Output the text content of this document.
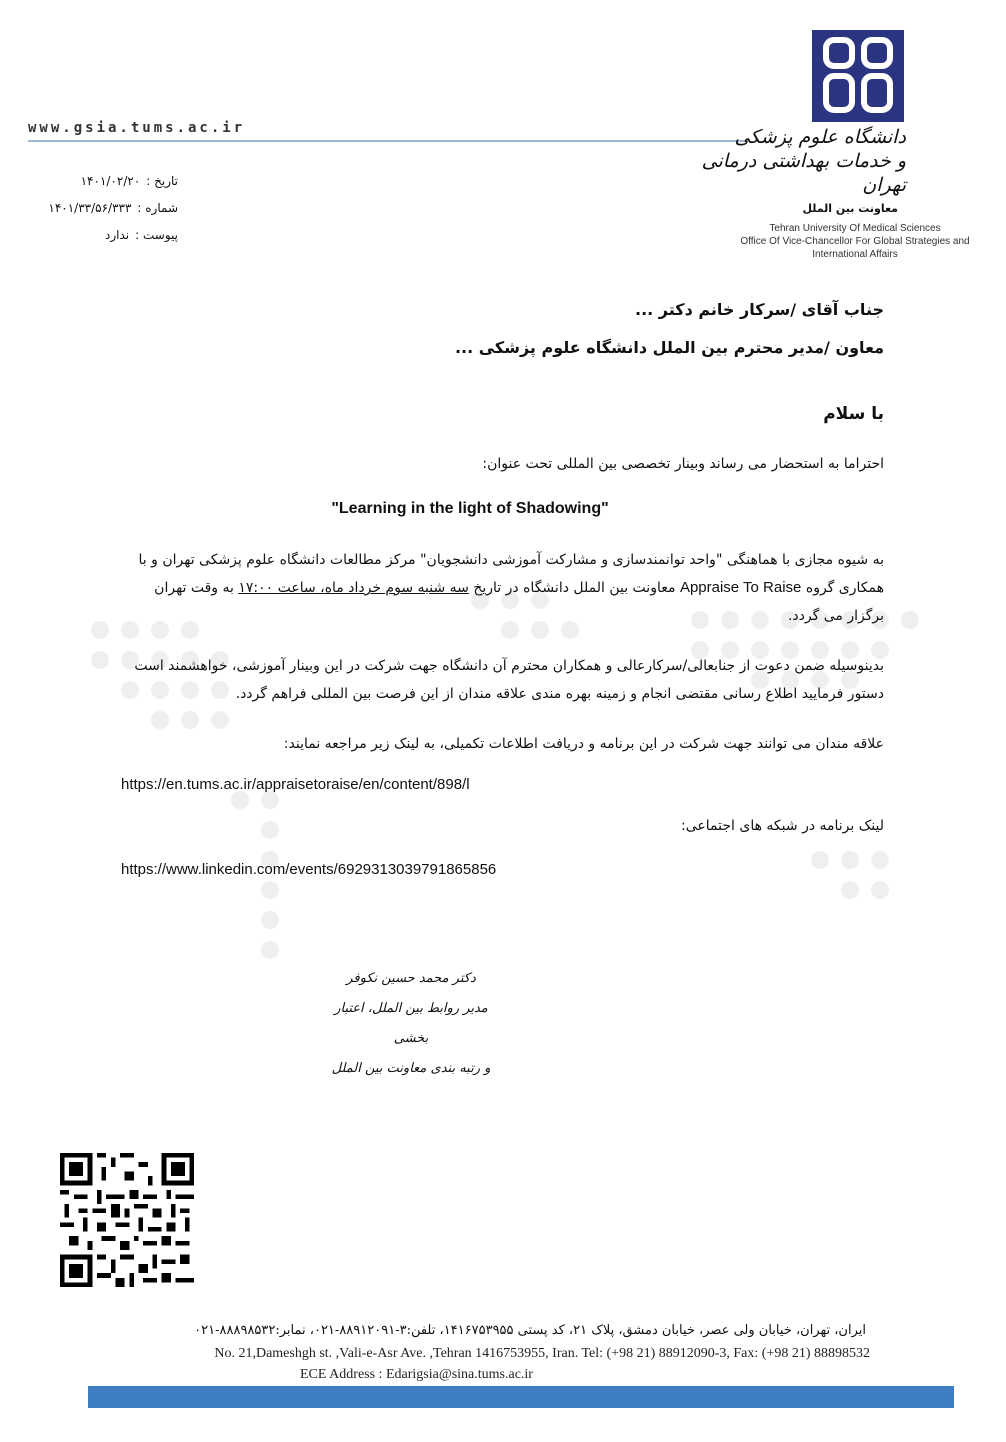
www.gsia.tums.ac.ir	دانشگاه علوم پزشکی
و خدمات بهداشتی درمانی تهران
معاونت بین الملل
Tehran University Of Medical Sciences
Office Of Vice-Chancellor For Global Strategies and International Affairs
تاریخ :
۱۴۰۱/۰۲/۲۰
شماره :
۱۴۰۱/۳۳/۵۶/۳۳۳
پیوست :
ندارد
جناب آقای /سرکار خانم دکتر ...
معاون /مدیر محترم بین الملل دانشگاه علوم پزشکی ...
با سلام
احتراما به استحضار می رساند وبینار تخصصی بین المللی تحت عنوان:
"Learning in the light of Shadowing"
به شیوه مجازی با هماهنگی "واحد توانمندسازی و مشارکت آموزشی دانشجویان" مرکز مطالعات دانشگاه علوم پزشکی تهران و با همکاری گروه Appraise To Raise معاونت بین الملل دانشگاه در تاریخ سه شنبه سوم خرداد ماه، ساعت ۱۷:۰۰ به وقت تهران برگزار می گردد.
بدینوسیله ضمن دعوت از جنابعالی/سرکارعالی و همکاران محترم آن دانشگاه جهت شرکت در این وبینار آموزشی، خواهشمند است دستور فرمایید اطلاع رسانی مقتضی انجام و زمینه بهره مندی علاقه مندان از این فرصت بین المللی فراهم گردد.
علاقه مندان می توانند جهت شرکت در این برنامه و دریافت اطلاعات تکمیلی، به لینک زیر مراجعه نمایند:
https://en.tums.ac.ir/appraisetoraise/en/content/898/l
لینک برنامه در شبکه های اجتماعی:
https://www.linkedin.com/events/6929313039791865856
دکتر محمد حسین نکوفر
مدیر روابط بین الملل، اعتبار بخشی
و رتبه بندی معاونت بین الملل
ایران، تهران، خیابان ولی عصر، خیابان دمشق، پلاک ۲۱، کد پستی ۱۴۱۶۷۵۳۹۵۵، تلفن:۳-۸۸۹۱۲۰۹۱-۰۲۱، نمابر:۸۸۸۹۸۵۳۲-۰۲۱
No. 21,Dameshgh st. ,Vali-e-Asr Ave. ,Tehran 1416753955, Iran. Tel: (+98 21) 88912090-3, Fax: (+98 21) 88898532
ECE Address : Edarigsia@sina.tums.ac.ir
